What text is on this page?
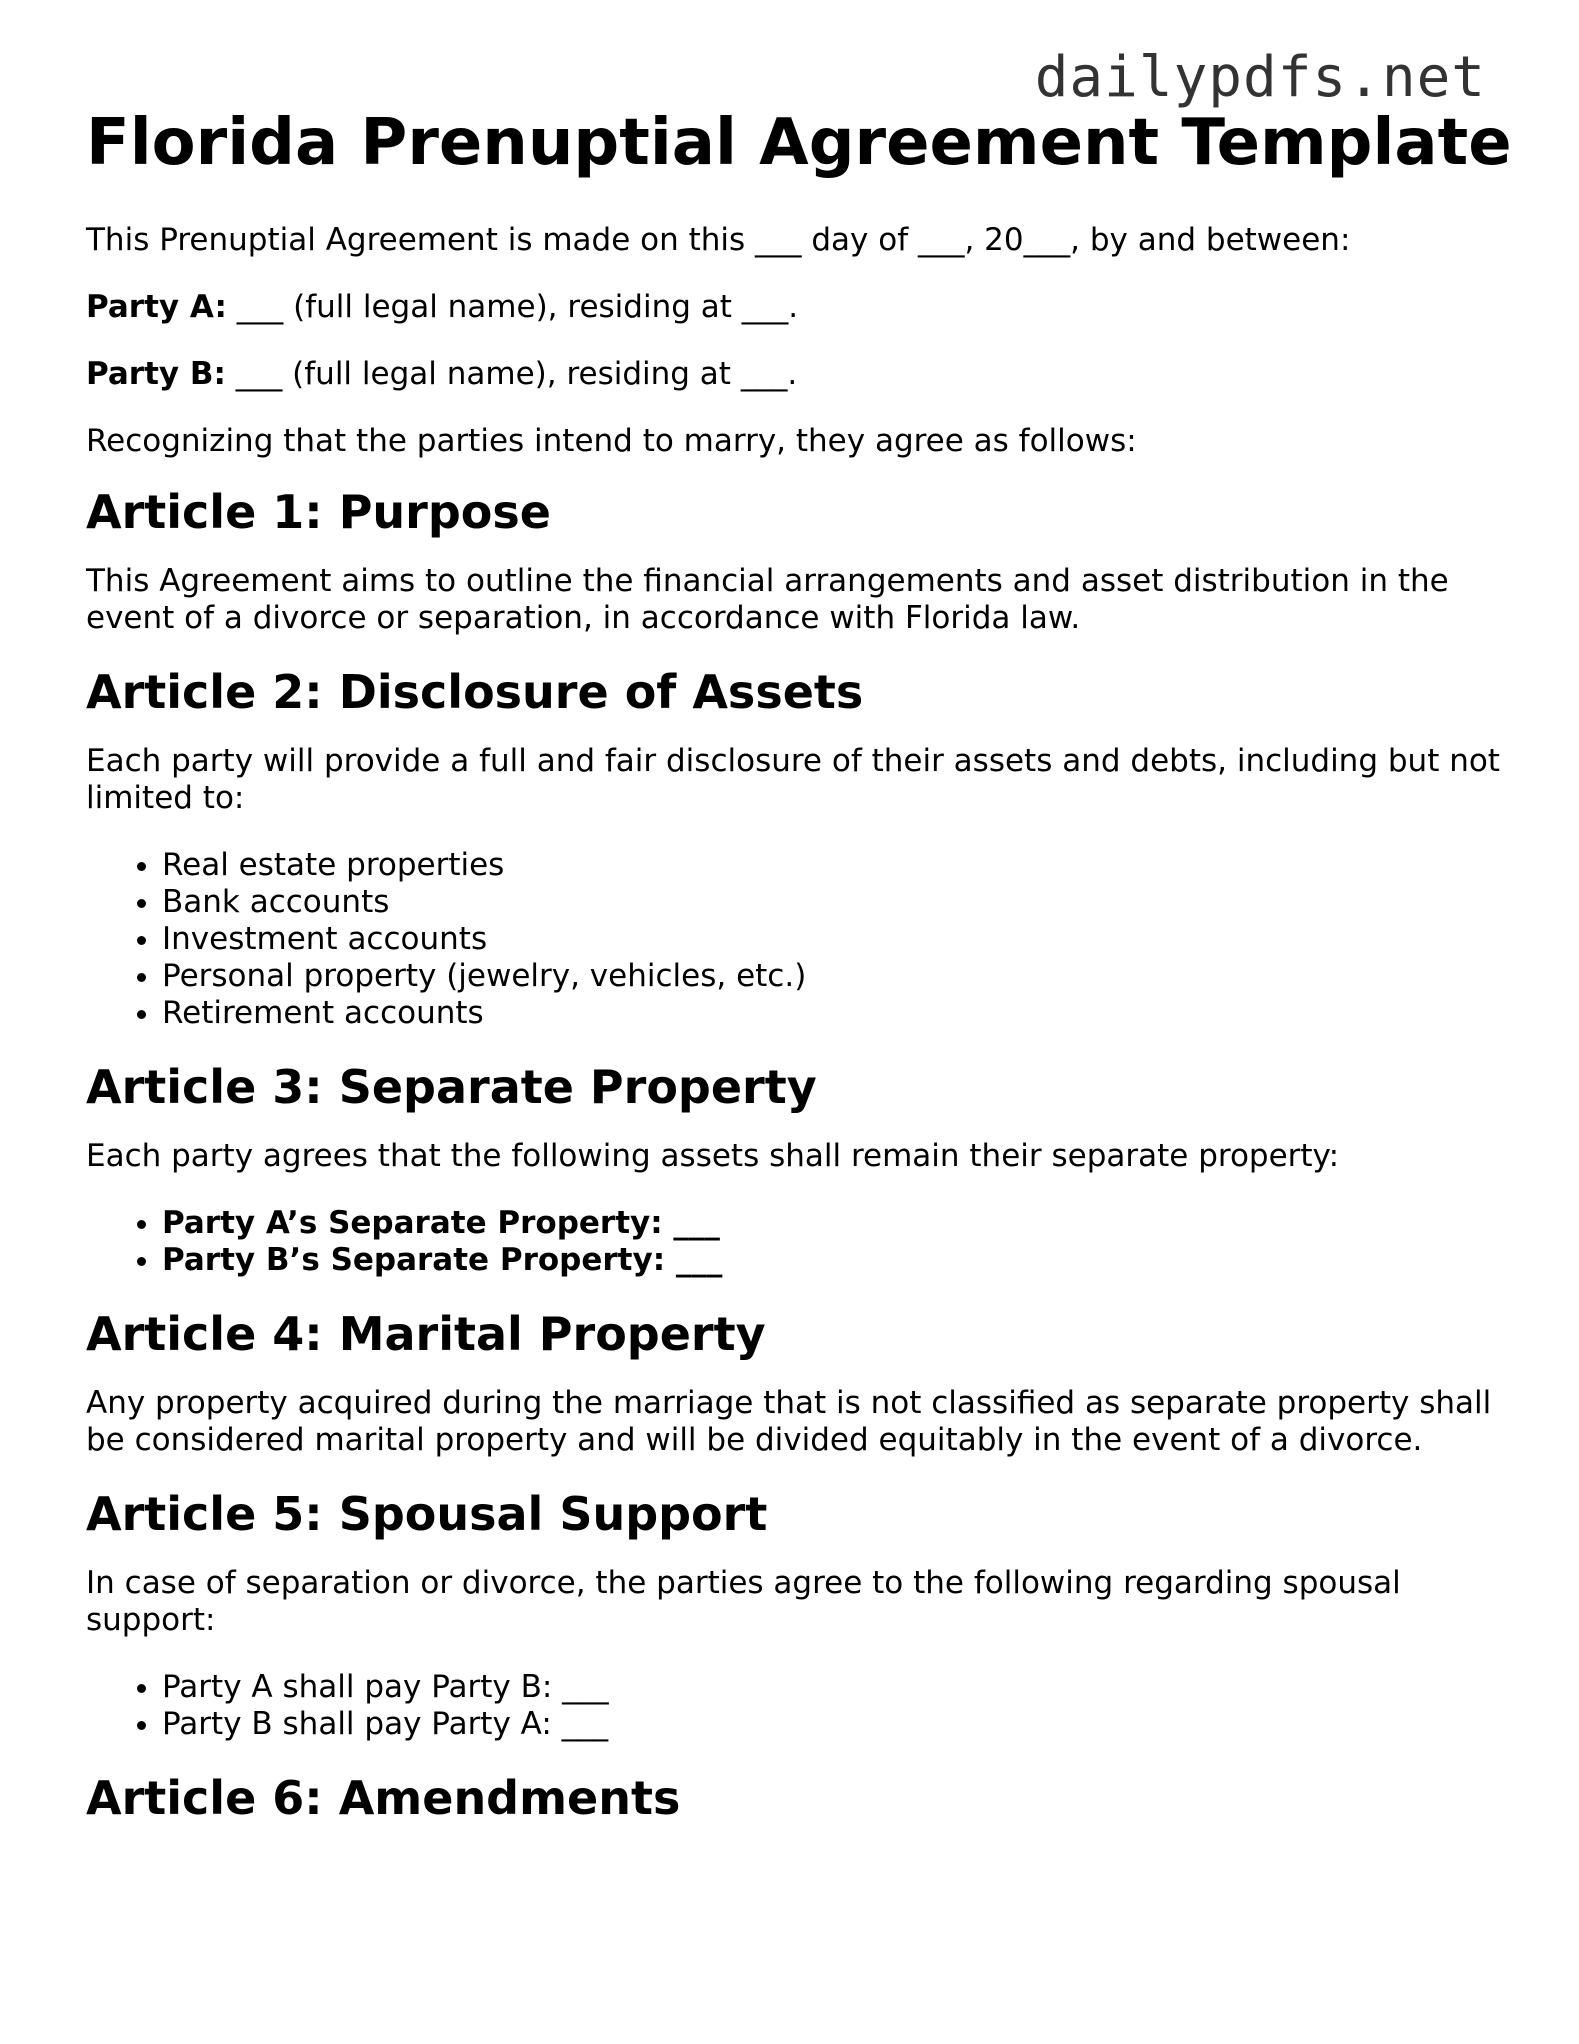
dailypdfs.net
Florida Prenuptial Agreement Template

This Prenuptial Agreement is made on this ___ day of ___, 20___, by and between:

Party A: ___ (full legal name), residing at ___.

Party B: ___ (full legal name), residing at ___.

Recognizing that the parties intend to marry, they agree as follows:

Article 1: Purpose

This Agreement aims to outline the financial arrangements and asset distribution in the event of a divorce or separation, in accordance with Florida law.

Article 2: Disclosure of Assets

Each party will provide a full and fair disclosure of their assets and debts, including but not limited to:

• Real estate properties
• Bank accounts
• Investment accounts
• Personal property (jewelry, vehicles, etc.)
• Retirement accounts
Article 3: Separate Property

Each party agrees that the following assets shall remain their separate property:

• Party A’s Separate Property: ___
• Party B’s Separate Property: ___
Article 4: Marital Property

Any property acquired during the marriage that is not classified as separate property shall be considered marital property and will be divided equitably in the event of a divorce.

Article 5: Spousal Support

In case of separation or divorce, the parties agree to the following regarding spousal support:

• Party A shall pay Party B: ___
• Party B shall pay Party A: ___
Article 6: Amendments
